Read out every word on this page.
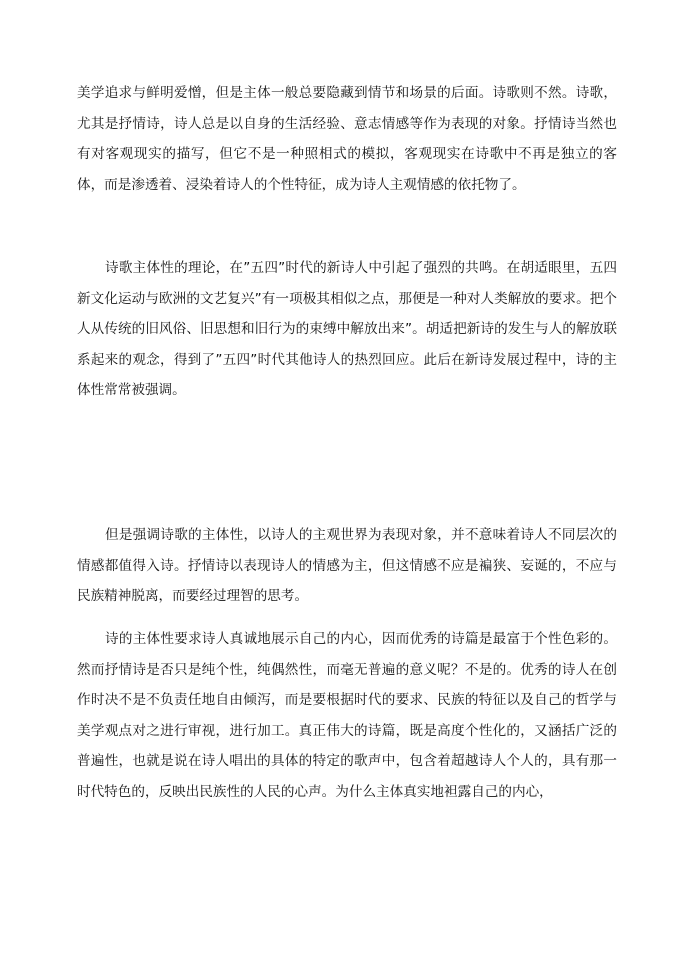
美学追求与鲜明爱憎，但是主体一般总要隐藏到情节和场景的后面。诗歌则不然。诗歌，尤其是抒情诗，诗人总是以自身的生活经验、意志情感等作为表现的对象。抒情诗当然也有对客观现实的描写，但它不是一种照相式的模拟，客观现实在诗歌中不再是独立的客体，而是渗透着、浸染着诗人的个性特征，成为诗人主观情感的依托物了。

诗歌主体性的理论，在”五四”时代的新诗人中引起了强烈的共鸣。在胡适眼里，五四新文化运动与欧洲的文艺复兴”有一项极其相似之点，那便是一种对人类解放的要求。把个人从传统的旧风俗、旧思想和旧行为的束缚中解放出来”。胡适把新诗的发生与人的解放联系起来的观念，得到了”五四”时代其他诗人的热烈回应。此后在新诗发展过程中，诗的主体性常常被强调。

但是强调诗歌的主体性，以诗人的主观世界为表现对象，并不意味着诗人不同层次的情感都值得入诗。抒情诗以表现诗人的情感为主，但这情感不应是褊狭、妄诞的，不应与民族精神脱离，而要经过理智的思考。

诗的主体性要求诗人真诚地展示自己的内心，因而优秀的诗篇是最富于个性色彩的。然而抒情诗是否只是纯个性，纯偶然性，而毫无普遍的意义呢？不是的。优秀的诗人在创作时决不是不负责任地自由倾泻，而是要根据时代的要求、民族的特征以及自己的哲学与美学观点对之进行审视，进行加工。真正伟大的诗篇，既是高度个性化的，又涵括广泛的普遍性，也就是说在诗人唱出的具体的特定的歌声中，包含着超越诗人个人的，具有那一时代特色的，反映出民族性的人民的心声。为什么主体真实地袒露自己的内心，
